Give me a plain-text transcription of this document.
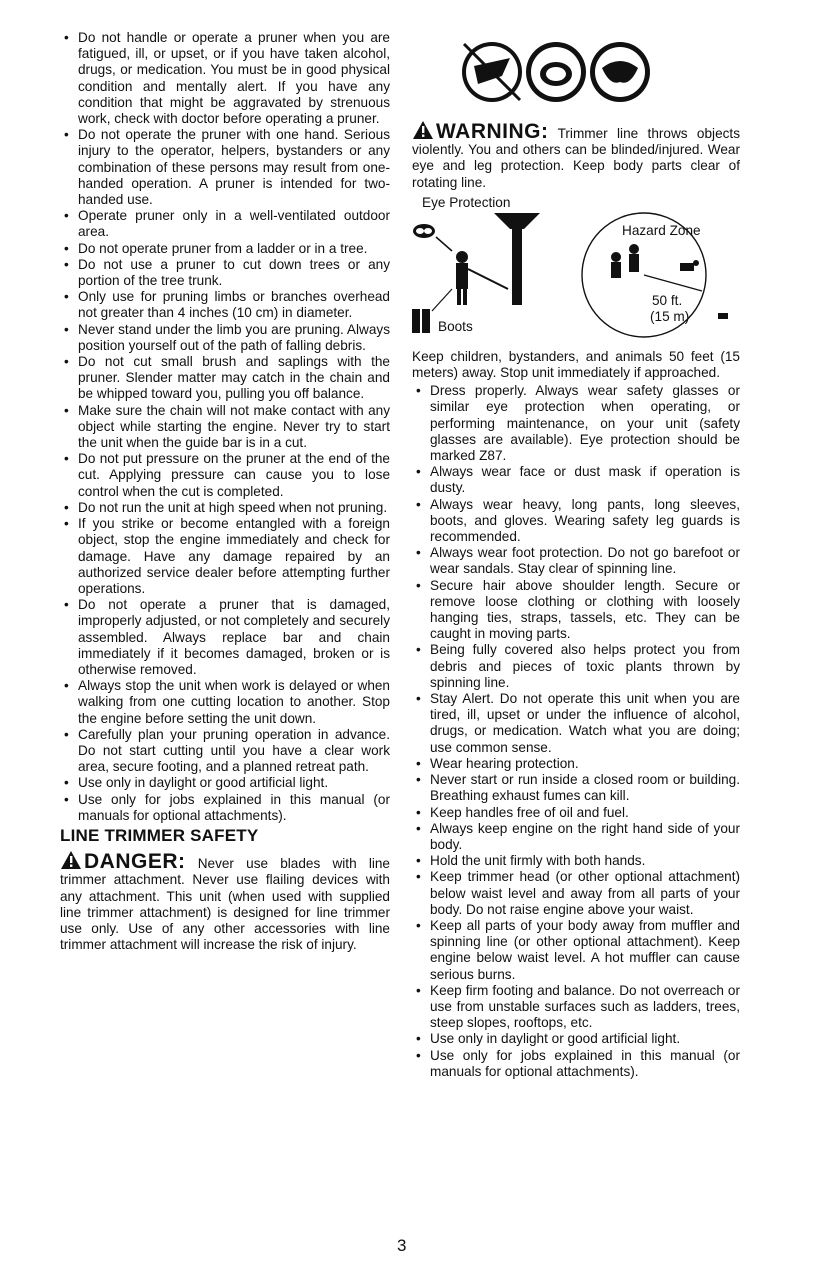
• Do not handle or operate a pruner when you are fatigued, ill, or upset, or if you have taken alcohol, drugs, or medication. You must be in good physical condition and mentally alert. If you have any condition that might be aggravated by strenuous work, check with doctor before operating a pruner.
• Do not operate the pruner with one hand. Serious injury to the operator, helpers, bystanders or any combination of these persons may result from one-handed operation. A pruner is intended for two-handed use.
• Operate pruner only in a well-ventilated outdoor area.
• Do not operate pruner from a ladder or in a tree.
• Do not use a pruner to cut down trees or any portion of the tree trunk.
• Only use for pruning limbs or branches overhead not greater than 4 inches (10 cm) in diameter.
• Never stand under the limb you are pruning. Always position yourself out of the path of falling debris.
• Do not cut small brush and saplings with the pruner. Slender matter may catch in the chain and be whipped toward you, pulling you off balance.
• Make sure the chain will not make contact with any object while starting the engine. Never try to start the unit when the guide bar is in a cut.
• Do not put pressure on the pruner at the end of the cut. Applying pressure can cause you to lose control when the cut is completed.
• Do not run the unit at high speed when not pruning.
• If you strike or become entangled with a foreign object, stop the engine immediately and check for damage. Have any damage repaired by an authorized service dealer before attempting further operations.
• Do not operate a pruner that is damaged, improperly adjusted, or not completely and securely assembled. Always replace bar and chain immediately if it becomes damaged, broken or is otherwise removed.
• Always stop the unit when work is delayed or when walking from one cutting location to another. Stop the engine before setting the unit down.
• Carefully plan your pruning operation in advance. Do not start cutting until you have a clear work area, secure footing, and a planned retreat path.
• Use only in daylight or good artificial light.
• Use only for jobs explained in this manual (or manuals for optional attachments).
LINE TRIMMER SAFETY
DANGER: Never use blades with line trimmer attachment. Never use flailing devices with any attachment. This unit (when used with supplied line trimmer attachment) is designed for line trimmer use only. Use of any other accessories with line trimmer attachment will increase the risk of injury.
WARNING: Trimmer line throws objects violently. You and others can be blinded/injured. Wear eye and leg protection. Keep body parts clear of rotating line.
Eye Protection
Hazard Zone
50 ft.
(15 m)
Boots

Keep children, bystanders, and animals 50 feet (15 meters) away. Stop unit immediately if approached.

• Dress properly. Always wear safety glasses or similar eye protection when operating, or performing maintenance, on your unit (safety glasses are available). Eye protection should be marked Z87.
• Always wear face or dust mask if operation is dusty.
• Always wear heavy, long pants, long sleeves, boots, and gloves. Wearing safety leg guards is recommended.
• Always wear foot protection. Do not go barefoot or wear sandals. Stay clear of spinning line.
• Secure hair above shoulder length. Secure or remove loose clothing or clothing with loosely hanging ties, straps, tassels, etc. They can be caught in moving parts.
• Being fully covered also helps protect you from debris and pieces of toxic plants thrown by spinning line.
• Stay Alert. Do not operate this unit when you are tired, ill, upset or under the influence of alcohol, drugs, or medication. Watch what you are doing; use common sense.
• Wear hearing protection.
• Never start or run inside a closed room or building. Breathing exhaust fumes can kill.
• Keep handles free of oil and fuel.
• Always keep engine on the right hand side of your body.
• Hold the unit firmly with both hands.
• Keep trimmer head (or other optional attachment) below waist level and away from all parts of your body. Do not raise engine above your waist.
• Keep all parts of your body away from muffler and spinning line (or other optional attachment). Keep engine below waist level. A hot muffler can cause serious burns.
• Keep firm footing and balance. Do not overreach or use from unstable surfaces such as ladders, trees, steep slopes, rooftops, etc.
• Use only in daylight or good artificial light.
• Use only for jobs explained in this manual (or manuals for optional attachments).
3
